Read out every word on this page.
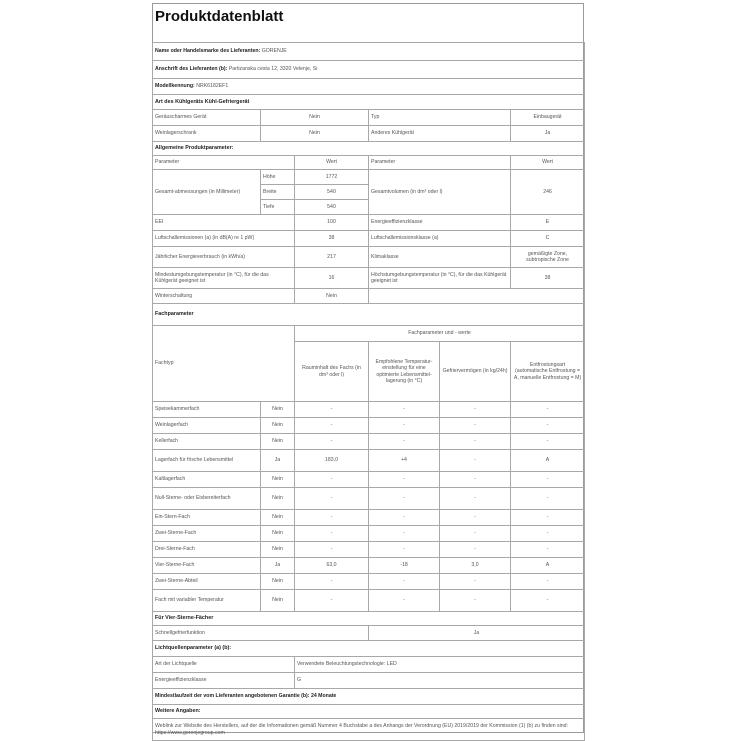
Produktdatenblatt
Name oder Handelsmarke des Lieferanten: GORENJE					
Anschrift des Lieferanten (b): Partizanska cesta 12, 3320 Velenje, Si					
Modellkennung: NRK6182EF1					
Art des Kühlgeräts Kühl-Gefriergerät					
Geräuscharmes Gerät	Nein		Typ		Einbaugerät
Weinlagerschrank	Nein		Anderes Kühlgerät		Ja
Allgemeine Produktparameter:					
Parameter		Wert	Parameter		Wert
Gesamt-abmessungen (in Millimeter)	Höhe	1772	Gesamtvolumen (in dm³ oder l)		246
	Breite	540			
	Tiefe	540			
EEI		100	Energieeffizienzklasse		E
Luftschallemissionen (a) (in dB(A) re 1 pW)		38	Luftschallemissionsklasse (a)		C
Jährlicher Energieverbrauch (in kWh/a)		217	Klimaklasse		gemäßigte Zone, subtropische Zone
Mindestumgebungstemperatur (in °C), für die das Kühlgerät geeignet ist		16	Höchstumgebungstemperatur (in °C), für die das Kühlgerät geeignet ist		38
Winterschaltung		Nein			
Fachparameter					
Fachtyp		Fachparameter und - werte			
		Rauminhalt des Fachs (in dm³ oder l)	Empfohlene Temperatur-einstellung für eine optimierte Lebensmittel-lagerung (in °C)	Gefriervermögen (in kg/24h)	Entfrostungsart (automatische Entfrostung = A, manuelle Entfrostung = M)
Speisekammerfach	Nein	-	-	-	-
Weinlagerfach	Nein	-	-	-	-
Kellerfach	Nein	-	-	-	-
Lagerfach für frische Lebensmittel	Ja	183,0	+4	-	A
Kaltlagerfach	Nein	-	-	-	-
Null-Sterne- oder Eisbereiterfach	Nein	-	-	-	-
Ein-Stern-Fach	Nein	-	-	-	-
Zwei-Sterne-Fach	Nein	-	-	-	-
Drei-Sterne-Fach	Nein	-	-	-	-
Vier-Sterne-Fach	Ja	63,0	-18	3,0	A
Zwei-Sterne-Abteil	Nein	-	-	-	-
Fach mit variabler Temperatur	Nein	-	-	-	-
Für Vier-Sterne-Fächer					
Schnellgefrierfunktion			Ja		
Lichtquellenparameter (a) (b):					
Art der Lichtquelle		Verwendete Beleuchtungstechnologie: LED			
Energieeffizienzklasse		G			
Mindestlaufzeit der vom Lieferanten angebotenen Garantie (b): 24 Monate					
Weitere Angaben:					
Weblink zur Website des Herstellers, auf der die Informationen gemäß Nummer 4 Buchstabe a des Anhangs der Verordnung (EU) 2019/2019 der Kommission (1) (b) zu finden sind: https://www.gorenjegroup.com					
